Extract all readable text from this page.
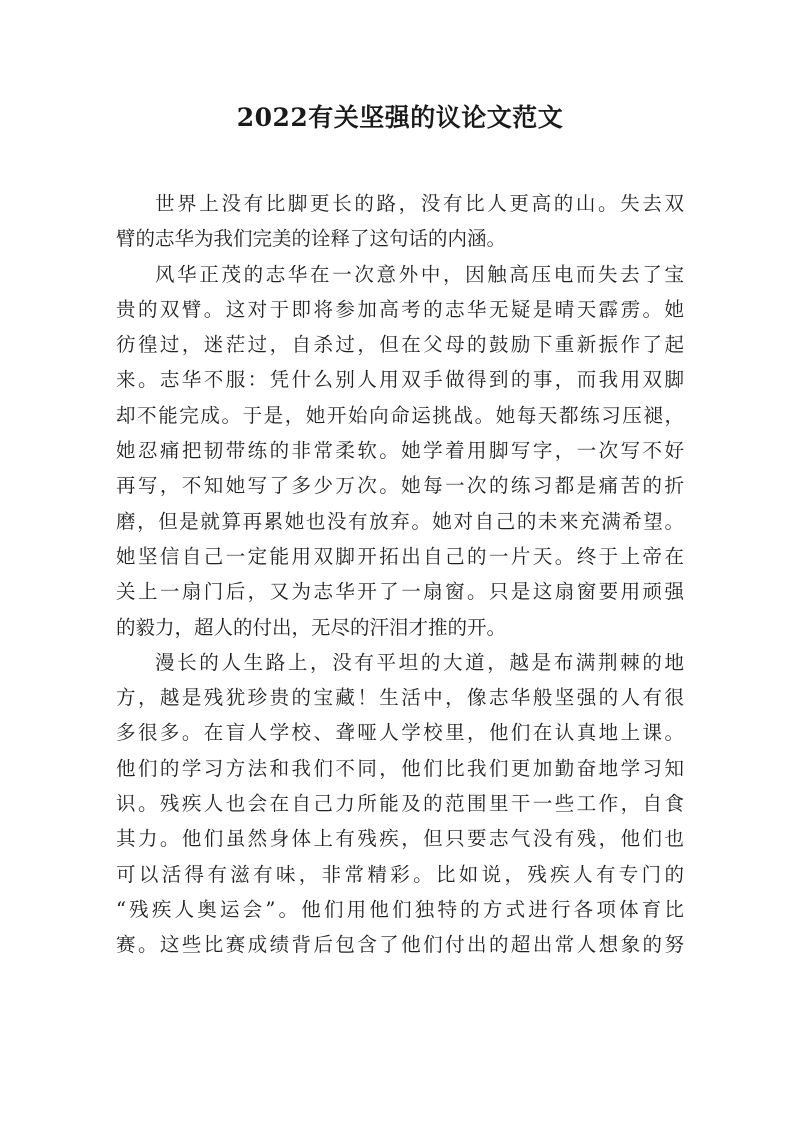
2022有关坚强的议论文范文

世界上没有比脚更长的路，没有比人更高的山。失去双
臂的志华为我们完美的诠释了这句话的内涵。

风华正茂的志华在一次意外中，因触高压电而失去了宝
贵的双臂。这对于即将参加高考的志华无疑是晴天霹雳。她
彷徨过，迷茫过，自杀过，但在父母的鼓励下重新振作了起
来。志华不服：凭什么别人用双手做得到的事，而我用双脚
却不能完成。于是，她开始向命运挑战。她每天都练习压褪，
她忍痛把韧带练的非常柔软。她学着用脚写字，一次写不好
再写，不知她写了多少万次。她每一次的练习都是痛苦的折
磨，但是就算再累她也没有放弃。她对自己的未来充满希望。
她坚信自己一定能用双脚开拓出自己的一片天。终于上帝在
关上一扇门后，又为志华开了一扇窗。只是这扇窗要用顽强
的毅力，超人的付出，无尽的汗泪才推的开。

漫长的人生路上，没有平坦的大道，越是布满荆棘的地
方，越是残犹珍贵的宝藏！生活中，像志华般坚强的人有很
多很多。在盲人学校、聋哑人学校里，他们在认真地上课。
他们的学习方法和我们不同，他们比我们更加勤奋地学习知
识。残疾人也会在自己力所能及的范围里干一些工作，自食
其力。他们虽然身体上有残疾，但只要志气没有残，他们也
可以活得有滋有味，非常精彩。比如说，残疾人有专门的
“残疾人奥运会”。他们用他们独特的方式进行各项体育比
赛。这些比赛成绩背后包含了他们付出的超出常人想象的努
